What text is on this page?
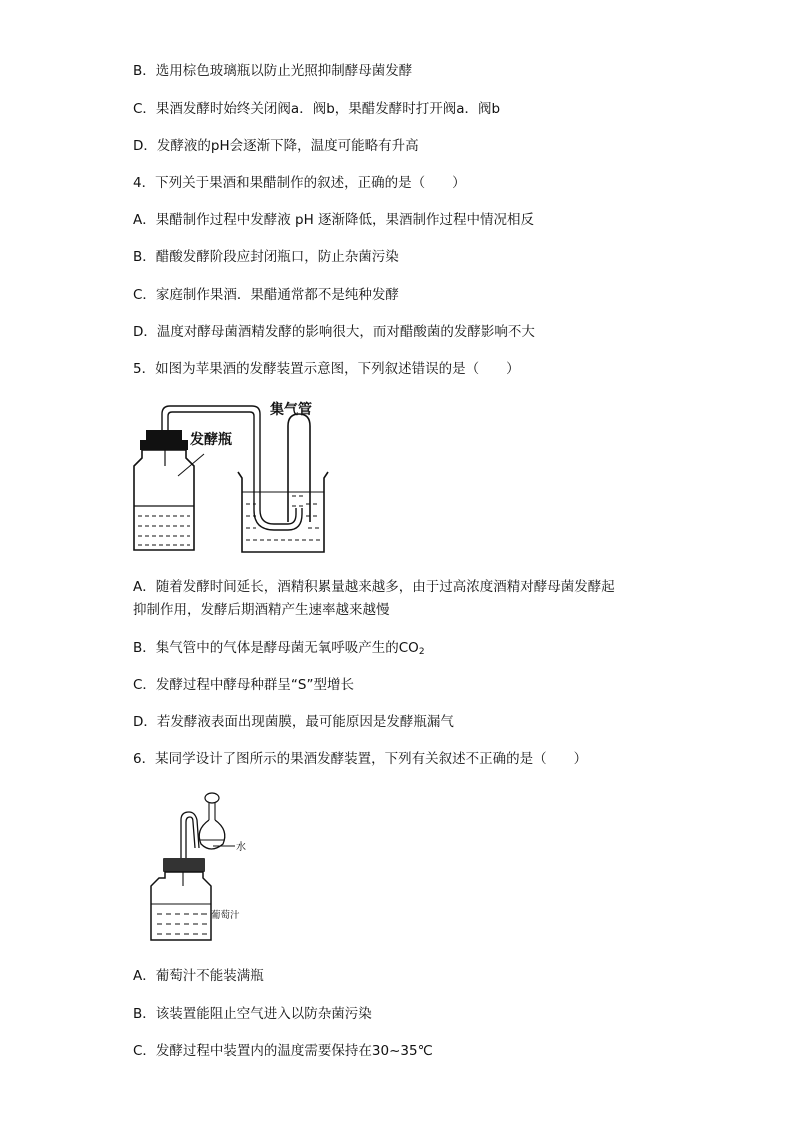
B．选用棕色玻璃瓶以防止光照抑制酵母菌发酵
C．果酒发酵时始终关闭阀a．阀b，果醋发酵时打开阀a．阀b
D．发酵液的pH会逐渐下降，温度可能略有升高
4．下列关于果酒和果醋制作的叙述，正确的是（　　）
A．果醋制作过程中发酵液 pH 逐渐降低，果酒制作过程中情况相反
B．醋酸发酵阶段应封闭瓶口，防止杂菌污染
C．家庭制作果酒．果醋通常都不是纯种发酵
D．温度对酵母菌酒精发酵的影响很大，而对醋酸菌的发酵影响不大
5．如图为苹果酒的发酵装置示意图，下列叙述错误的是（　　）
集气管
发酵瓶
A．随着发酵时间延长，酒精积累量越来越多，由于过高浓度酒精对酵母菌发酵起
抑制作用，发酵后期酒精产生速率越来越慢
B．集气管中的气体是酵母菌无氧呼吸产生的$CO_2$
C．发酵过程中酵母种群呈“S”型增长
D．若发酵液表面出现菌膜，最可能原因是发酵瓶漏气
6．某同学设计了图所示的果酒发酵装置，下列有关叙述不正确的是（　　）
水
葡萄汁
A．葡萄汁不能装满瓶
B．该装置能阻止空气进入以防杂菌污染
C．发酵过程中装置内的温度需要保持在30~35℃
